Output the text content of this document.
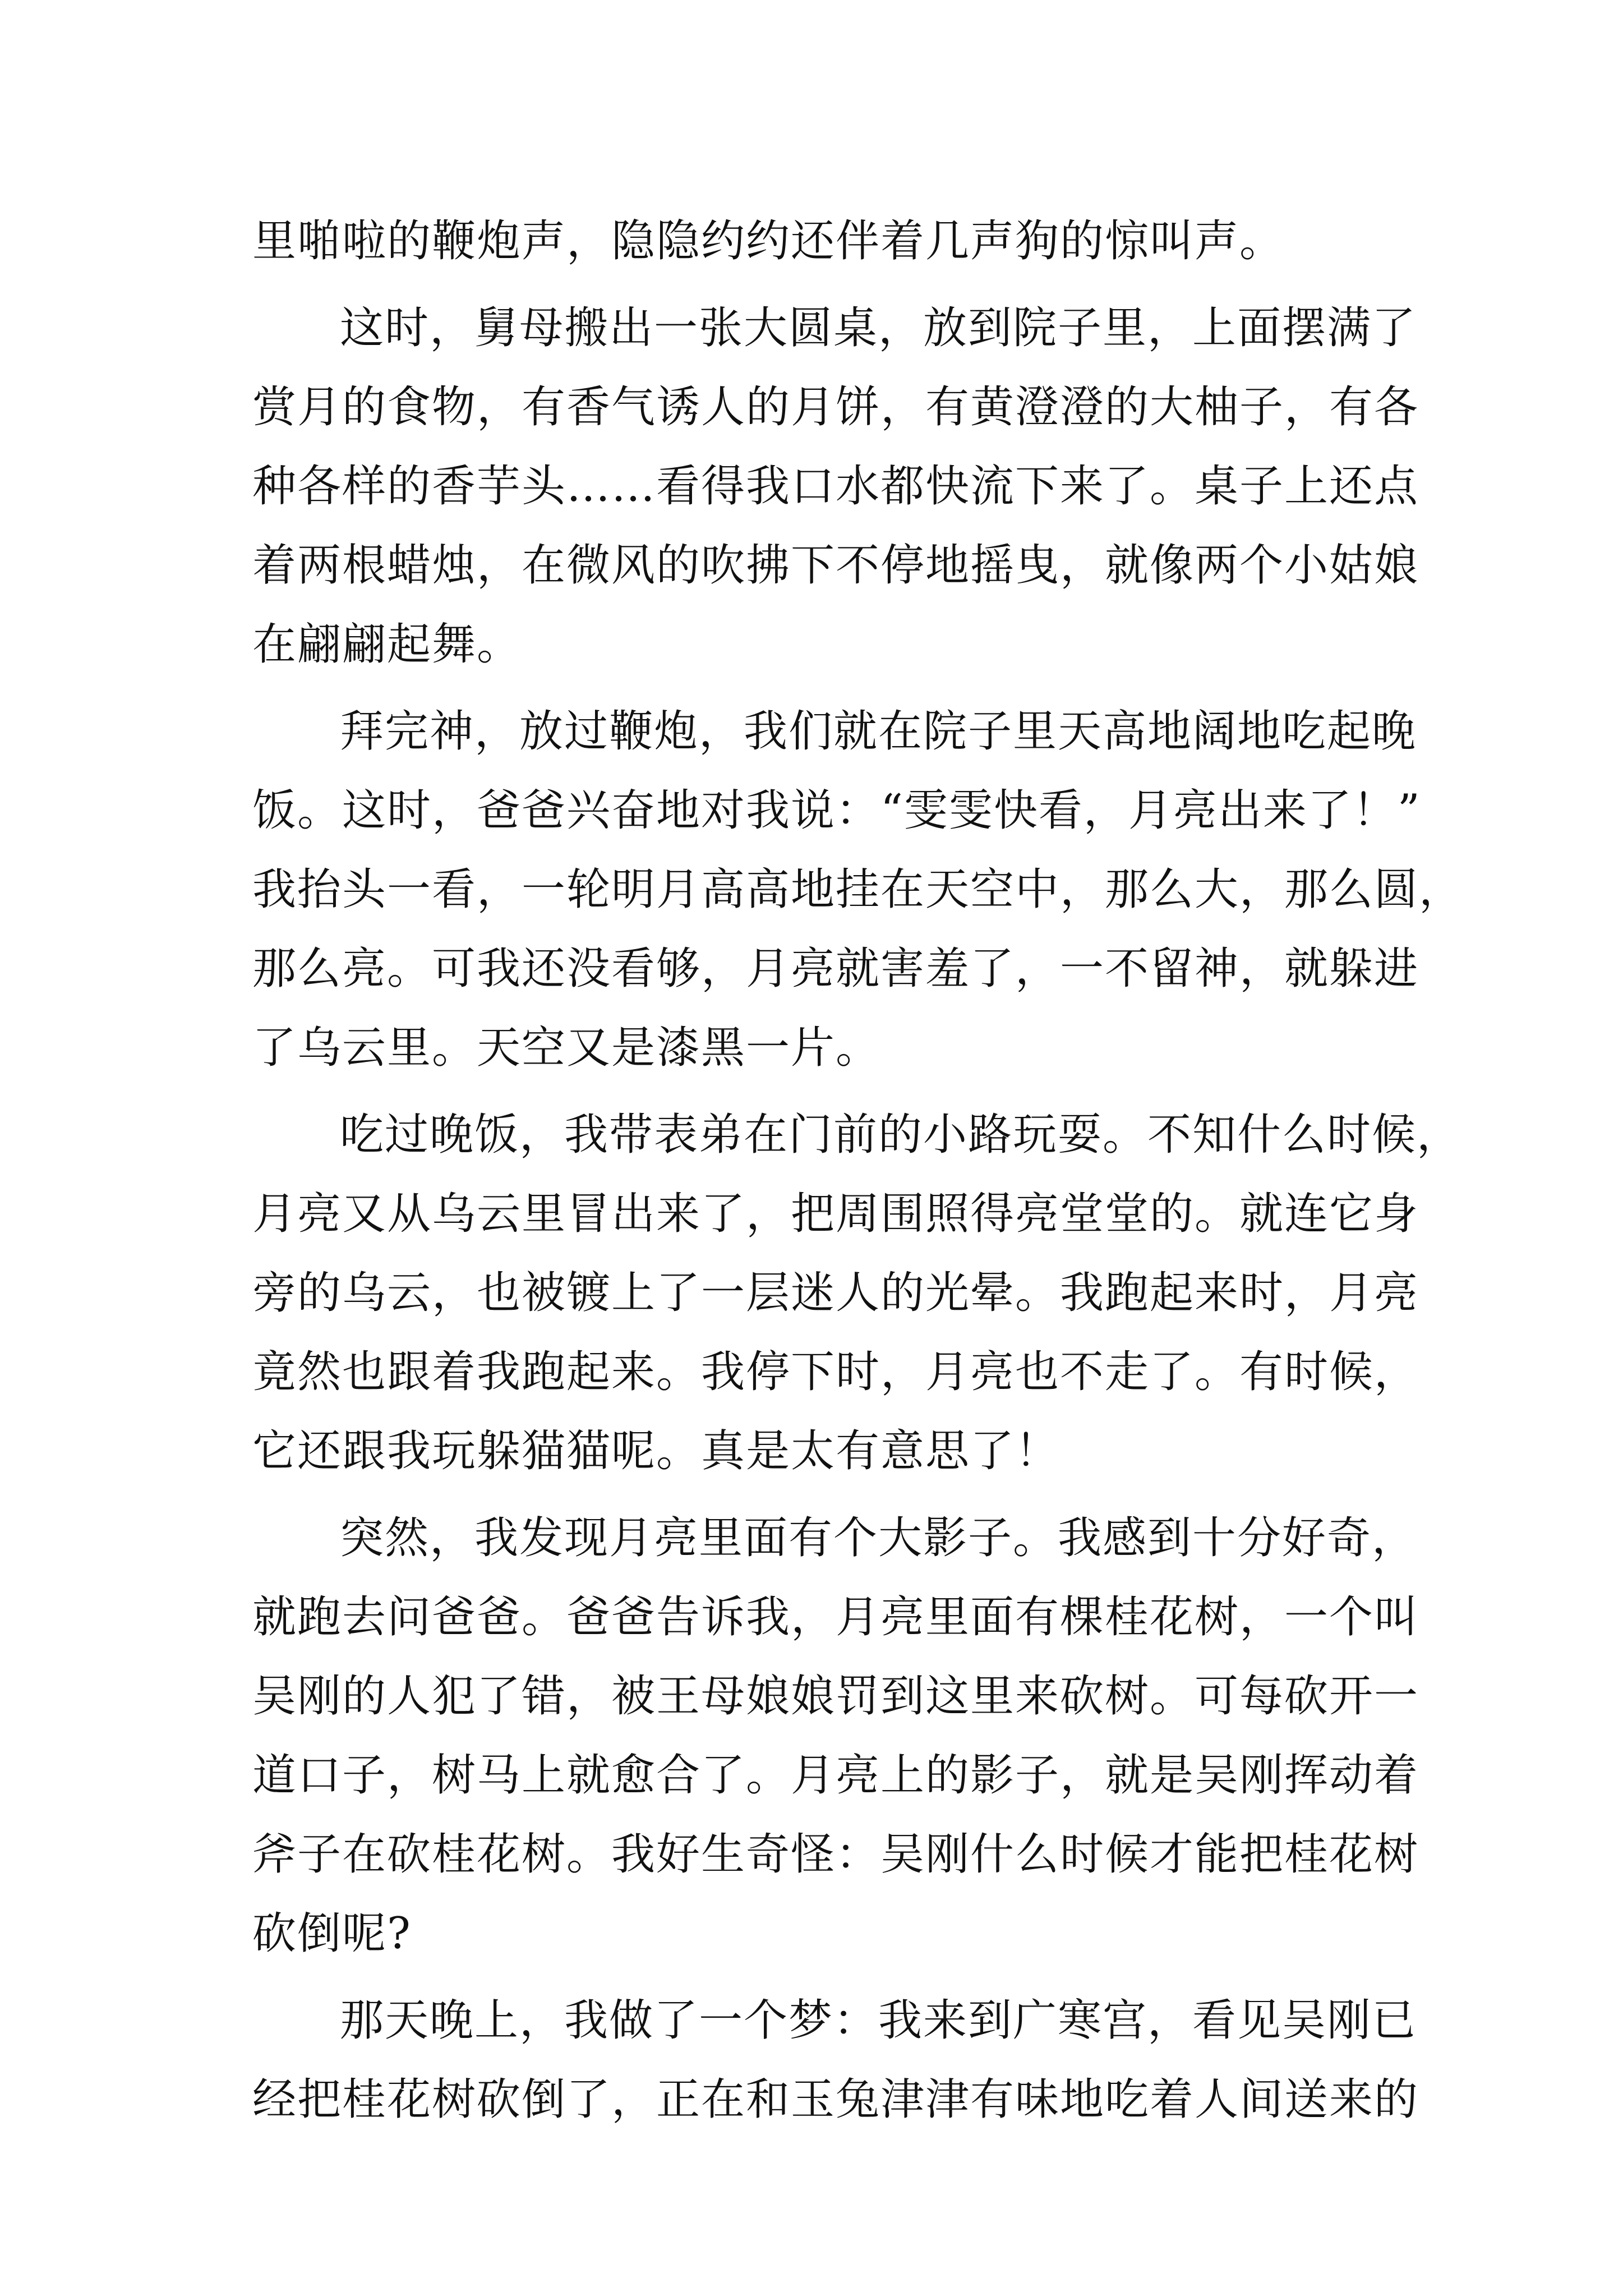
里啪啦的鞭炮声，隐隐约约还伴着几声狗的惊叫声。
这时，舅母搬出一张大圆桌，放到院子里，上面摆满了
赏月的食物，有香气诱人的月饼，有黄澄澄的大柚子，有各
种各样的香芋头……看得我口水都快流下来了。桌子上还点
着两根蜡烛，在微风的吹拂下不停地摇曳，就像两个小姑娘
在翩翩起舞。
拜完神，放过鞭炮，我们就在院子里天高地阔地吃起晚
饭。这时，爸爸兴奋地对我说：“雯雯快看，月亮出来了！”
我抬头一看，一轮明月高高地挂在天空中，那么大，那么圆，
那么亮。可我还没看够，月亮就害羞了，一不留神，就躲进
了乌云里。天空又是漆黑一片。
吃过晚饭，我带表弟在门前的小路玩耍。不知什么时候，
月亮又从乌云里冒出来了，把周围照得亮堂堂的。就连它身
旁的乌云，也被镀上了一层迷人的光晕。我跑起来时，月亮
竟然也跟着我跑起来。我停下时，月亮也不走了。有时候，
它还跟我玩躲猫猫呢。真是太有意思了！
突然，我发现月亮里面有个大影子。我感到十分好奇，
就跑去问爸爸。爸爸告诉我，月亮里面有棵桂花树，一个叫
吴刚的人犯了错，被王母娘娘罚到这里来砍树。可每砍开一
道口子，树马上就愈合了。月亮上的影子，就是吴刚挥动着
斧子在砍桂花树。我好生奇怪：吴刚什么时候才能把桂花树
砍倒呢?
那天晚上，我做了一个梦：我来到广寒宫，看见吴刚已
经把桂花树砍倒了，正在和玉兔津津有味地吃着人间送来的
